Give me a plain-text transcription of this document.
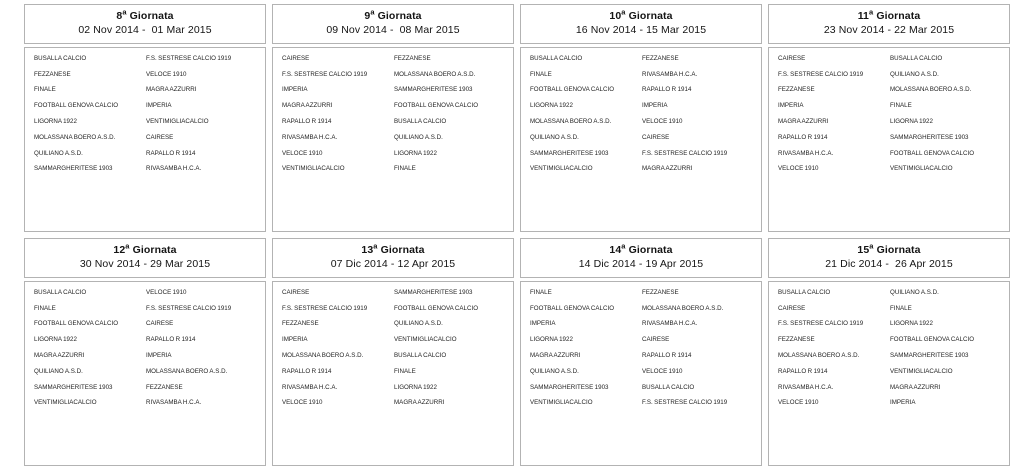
8$^a$ Giornata
02 Nov 2014 -  01 Mar 2015
BUSALLA CALCIO	F.S. SESTRESE CALCIO 1919
FEZZANESE	VELOCE 1910
FINALE	MAGRA AZZURRI
FOOTBALL GENOVA CALCIO	IMPERIA
LIGORNA 1922	VENTIMIGLIACALCIO
MOLASSANA BOERO A.S.D.	CAIRESE
QUILIANO A.S.D.	RAPALLO R 1914
SAMMARGHERITESE 1903	RIVASAMBA H.C.A.
9$^a$ Giornata
09 Nov 2014 -  08 Mar 2015
CAIRESE	FEZZANESE
F.S. SESTRESE CALCIO 1919	MOLASSANA BOERO A.S.D.
IMPERIA	SAMMARGHERITESE 1903
MAGRA AZZURRI	FOOTBALL GENOVA CALCIO
RAPALLO R 1914	BUSALLA CALCIO
RIVASAMBA H.C.A.	QUILIANO A.S.D.
VELOCE 1910	LIGORNA 1922
VENTIMIGLIACALCIO	FINALE
10$^a$ Giornata
16 Nov 2014 - 15 Mar 2015
BUSALLA CALCIO	FEZZANESE
FINALE	RIVASAMBA H.C.A.
FOOTBALL GENOVA CALCIO	RAPALLO R 1914
LIGORNA 1922	IMPERIA
MOLASSANA BOERO A.S.D.	VELOCE 1910
QUILIANO A.S.D.	CAIRESE
SAMMARGHERITESE 1903	F.S. SESTRESE CALCIO 1919
VENTIMIGLIACALCIO	MAGRA AZZURRI
11$^a$ Giornata
23 Nov 2014 - 22 Mar 2015
CAIRESE	BUSALLA CALCIO
F.S. SESTRESE CALCIO 1919	QUILIANO A.S.D.
FEZZANESE	MOLASSANA BOERO A.S.D.
IMPERIA	FINALE
MAGRA AZZURRI	LIGORNA 1922
RAPALLO R 1914	SAMMARGHERITESE 1903
RIVASAMBA H.C.A.	FOOTBALL GENOVA CALCIO
VELOCE 1910	VENTIMIGLIACALCIO
12$^a$ Giornata
30 Nov 2014 - 29 Mar 2015
BUSALLA CALCIO	VELOCE 1910
FINALE	F.S. SESTRESE CALCIO 1919
FOOTBALL GENOVA CALCIO	CAIRESE
LIGORNA 1922	RAPALLO R 1914
MAGRA AZZURRI	IMPERIA
QUILIANO A.S.D.	MOLASSANA BOERO A.S.D.
SAMMARGHERITESE 1903	FEZZANESE
VENTIMIGLIACALCIO	RIVASAMBA H.C.A.
13$^a$ Giornata
07 Dic 2014 - 12 Apr 2015
CAIRESE	SAMMARGHERITESE 1903
F.S. SESTRESE CALCIO 1919	FOOTBALL GENOVA CALCIO
FEZZANESE	QUILIANO A.S.D.
IMPERIA	VENTIMIGLIACALCIO
MOLASSANA BOERO A.S.D.	BUSALLA CALCIO
RAPALLO R 1914	FINALE
RIVASAMBA H.C.A.	LIGORNA 1922
VELOCE 1910	MAGRA AZZURRI
14$^a$ Giornata
14 Dic 2014 - 19 Apr 2015
FINALE	FEZZANESE
FOOTBALL GENOVA CALCIO	MOLASSANA BOERO A.S.D.
IMPERIA	RIVASAMBA H.C.A.
LIGORNA 1922	CAIRESE
MAGRA AZZURRI	RAPALLO R 1914
QUILIANO A.S.D.	VELOCE 1910
SAMMARGHERITESE 1903	BUSALLA CALCIO
VENTIMIGLIACALCIO	F.S. SESTRESE CALCIO 1919
15$^a$ Giornata
21 Dic 2014 -  26 Apr 2015
BUSALLA CALCIO	QUILIANO A.S.D.
CAIRESE	FINALE
F.S. SESTRESE CALCIO 1919	LIGORNA 1922
FEZZANESE	FOOTBALL GENOVA CALCIO
MOLASSANA BOERO A.S.D.	SAMMARGHERITESE 1903
RAPALLO R 1914	VENTIMIGLIACALCIO
RIVASAMBA H.C.A.	MAGRA AZZURRI
VELOCE 1910	IMPERIA
